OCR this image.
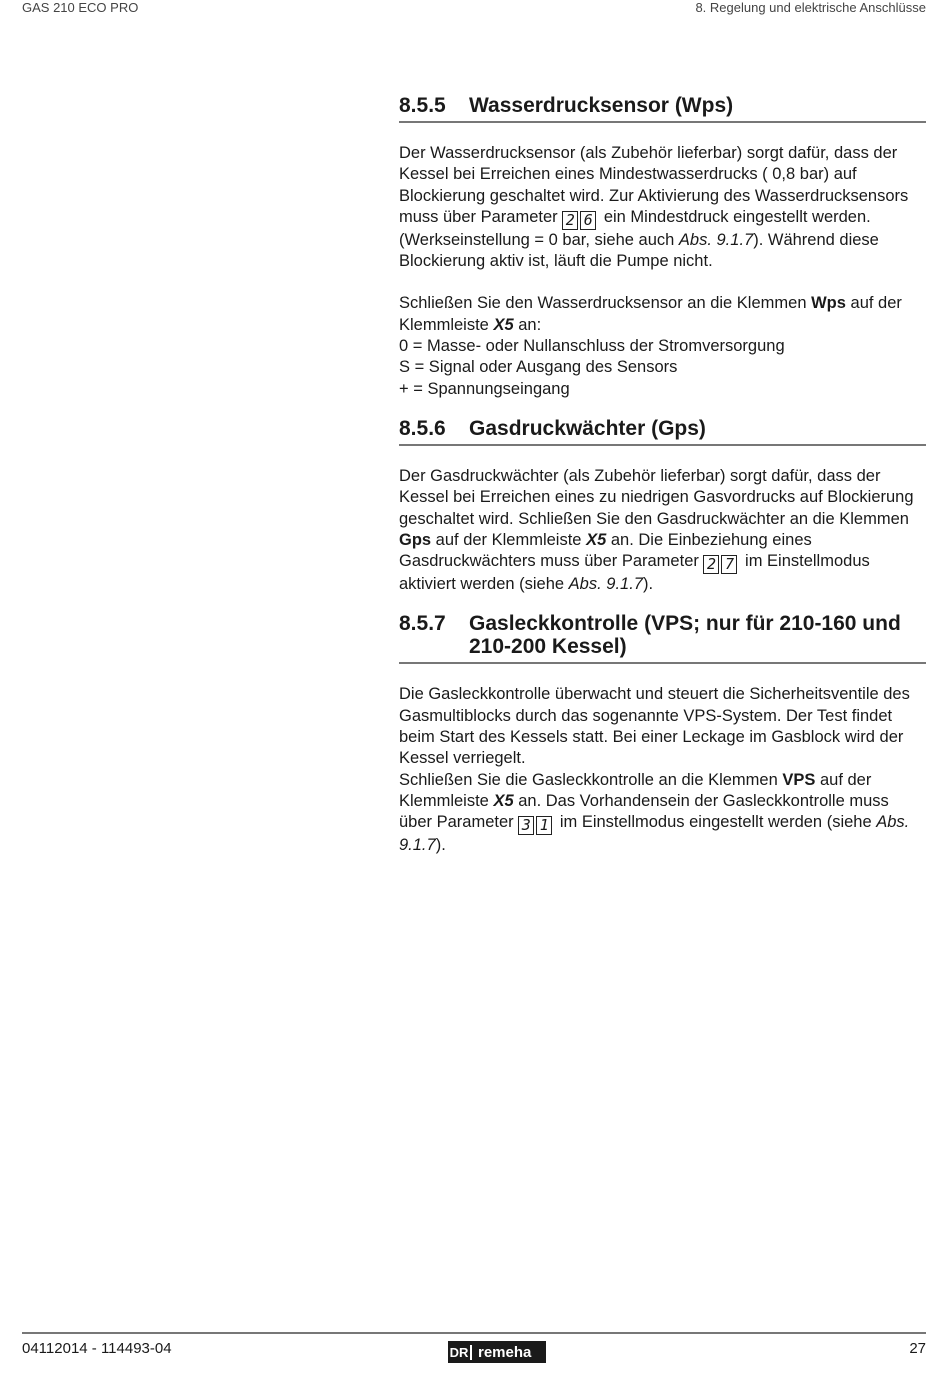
GAS 210 ECO PRO	8. Regelung und elektrische Anschlüsse
8.5.5	Wasserdrucksensor (Wps)

Der Wasserdrucksensor (als Zubehör lieferbar) sorgt dafür, dass der Kessel bei Erreichen eines Mindestwasserdrucks ( 0,8 bar) auf Blockierung geschaltet wird. Zur Aktivierung des Wasserdrucksensors muss über Parameter 2 6 ein Mindestdruck eingestellt werden. (Werkseinstellung = 0 bar, siehe auch Abs. 9.1.7). Während diese Blockierung aktiv ist, läuft die Pumpe nicht.

Schließen Sie den Wasserdrucksensor an die Klemmen Wps auf der Klemmleiste X5 an:
0 = Masse- oder Nullanschluss der Stromversorgung
S = Signal oder Ausgang des Sensors
+ = Spannungseingang

8.5.6	Gasdruckwächter (Gps)

Der Gasdruckwächter (als Zubehör lieferbar) sorgt dafür, dass der Kessel bei Erreichen eines zu niedrigen Gasvordrucks auf Blockierung geschaltet wird. Schließen Sie den Gasdruckwächter an die Klemmen Gps auf der Klemmleiste X5 an. Die Einbeziehung eines Gasdruckwächters muss über Parameter 2 7 im Einstellmodus aktiviert werden (siehe Abs. 9.1.7).

8.5.7	Gasleckkontrolle (VPS; nur für 210-160 und 210-200 Kessel)

Die Gasleckkontrolle überwacht und steuert die Sicherheitsventile des Gasmultiblocks durch das sogenannte VPS-System. Der Test findet beim Start des Kessels statt. Bei einer Leckage im Gasblock wird der Kessel verriegelt.
Schließen Sie die Gasleckkontrolle an die Klemmen VPS auf der Klemmleiste X5 an. Das Vorhandensein der Gasleckkontrolle muss über Parameter 3 1 im Einstellmodus eingestellt werden (siehe Abs. 9.1.7).

04112014 - 114493-04	DR remeha	27
